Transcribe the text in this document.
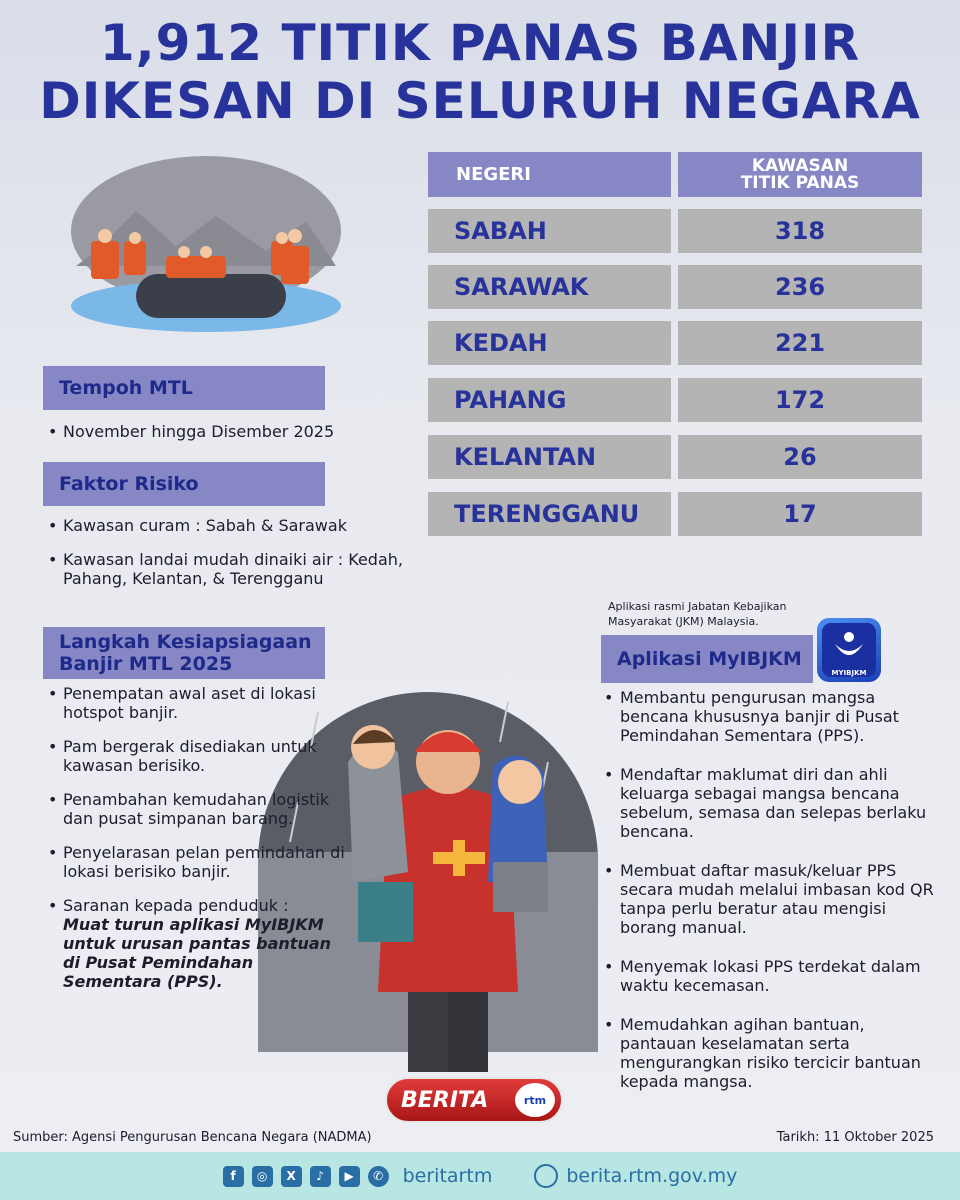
1,912 TITIK PANAS BANJIR
DIKESAN DI SELURUH NEGARA
NEGERI	KAWASAN
TITIK PANAS
SABAH	318
SARAWAK	236
KEDAH	221
PAHANG	172
KELANTAN	26
TERENGGANU	17
Tempoh MTL
• November hingga Disember 2025
Faktor Risiko
• Kawasan curam : Sabah & Sarawak
• Kawasan landai mudah dinaiki air : Kedah, Pahang, Kelantan, & Terengganu
Langkah Kesiapsiagaan
Banjir MTL 2025
• Penempatan awal aset di lokasi hotspot banjir.
• Pam bergerak disediakan untuk kawasan berisiko.
• Penambahan kemudahan logistik dan pusat simpanan barang.
• Penyelarasan pelan pemindahan di lokasi berisiko banjir.
• Saranan kepada penduduk :
Muat turun aplikasi MyIBJKM untuk urusan pantas bantuan di Pusat Pemindahan Sementara (PPS).
Aplikasi rasmi Jabatan Kebajikan Masyarakat (JKM) Malaysia.
MYIBJKM
Aplikasi MyIBJKM
• Membantu pengurusan mangsa bencana khususnya banjir di Pusat Pemindahan Sementara (PPS).
• Mendaftar maklumat diri dan ahli keluarga sebagai mangsa bencana sebelum, semasa dan selepas berlaku bencana.
• Membuat daftar masuk/keluar PPS secara mudah melalui imbasan kod QR tanpa perlu beratur atau mengisi borang manual.
• Menyemak lokasi PPS terdekat dalam waktu kecemasan.
• Memudahkan agihan bantuan, pantauan keselamatan serta mengurangkan risiko tercicir bantuan kepada mangsa.
BERITA	rtm
Sumber: Agensi Pengurusan Bencana Negara (NADMA)	Tarikh: 11 Oktober 2025
f	◎	X	♪	▶	✆ beritartm	berita.rtm.gov.my
